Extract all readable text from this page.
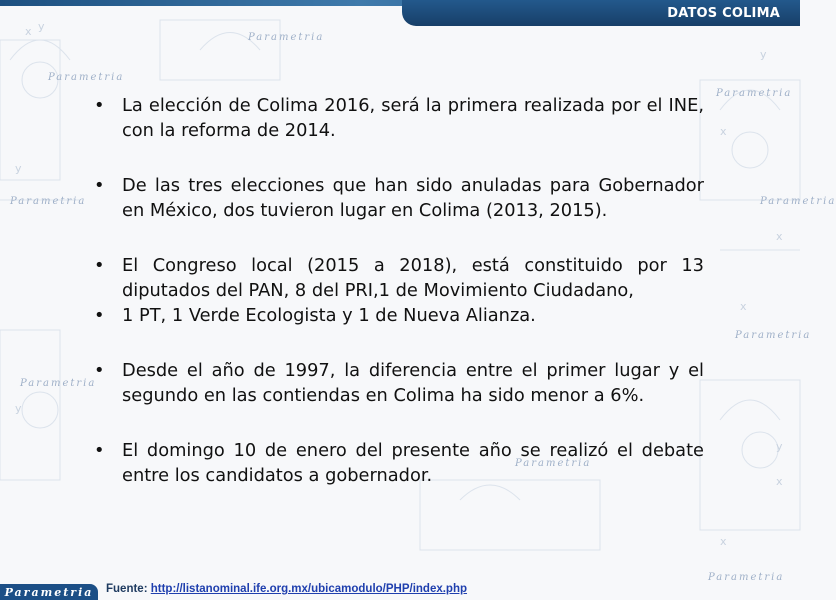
x y
y
y
y
x
x
y
x
x
x
Parametria
Parametria
Parametria
Parametria	Parametria
Parametria
Parametria
Parametria
Parametria
DATOS COLIMA
• La elección de Colima 2016, será la primera realizada por el INE, con la reforma de 2014.
• De las tres elecciones que han sido anuladas para Gobernador en México, dos tuvieron lugar en Colima (2013, 2015).
• El Congreso local (2015 a 2018), está constituido por 13 diputados del PAN, 8 del PRI,1 de Movimiento Ciudadano,
• 1 PT, 1 Verde Ecologista y 1 de Nueva Alianza.
• Desde el año de 1997, la diferencia entre el primer lugar y el segundo en las contiendas en Colima ha sido menor a 6%.
• El domingo 10 de enero del presente año se realizó el debate entre los candidatos a gobernador.
Parametria Fuente: http://listanominal.ife.org.mx/ubicamodulo/PHP/index.php
